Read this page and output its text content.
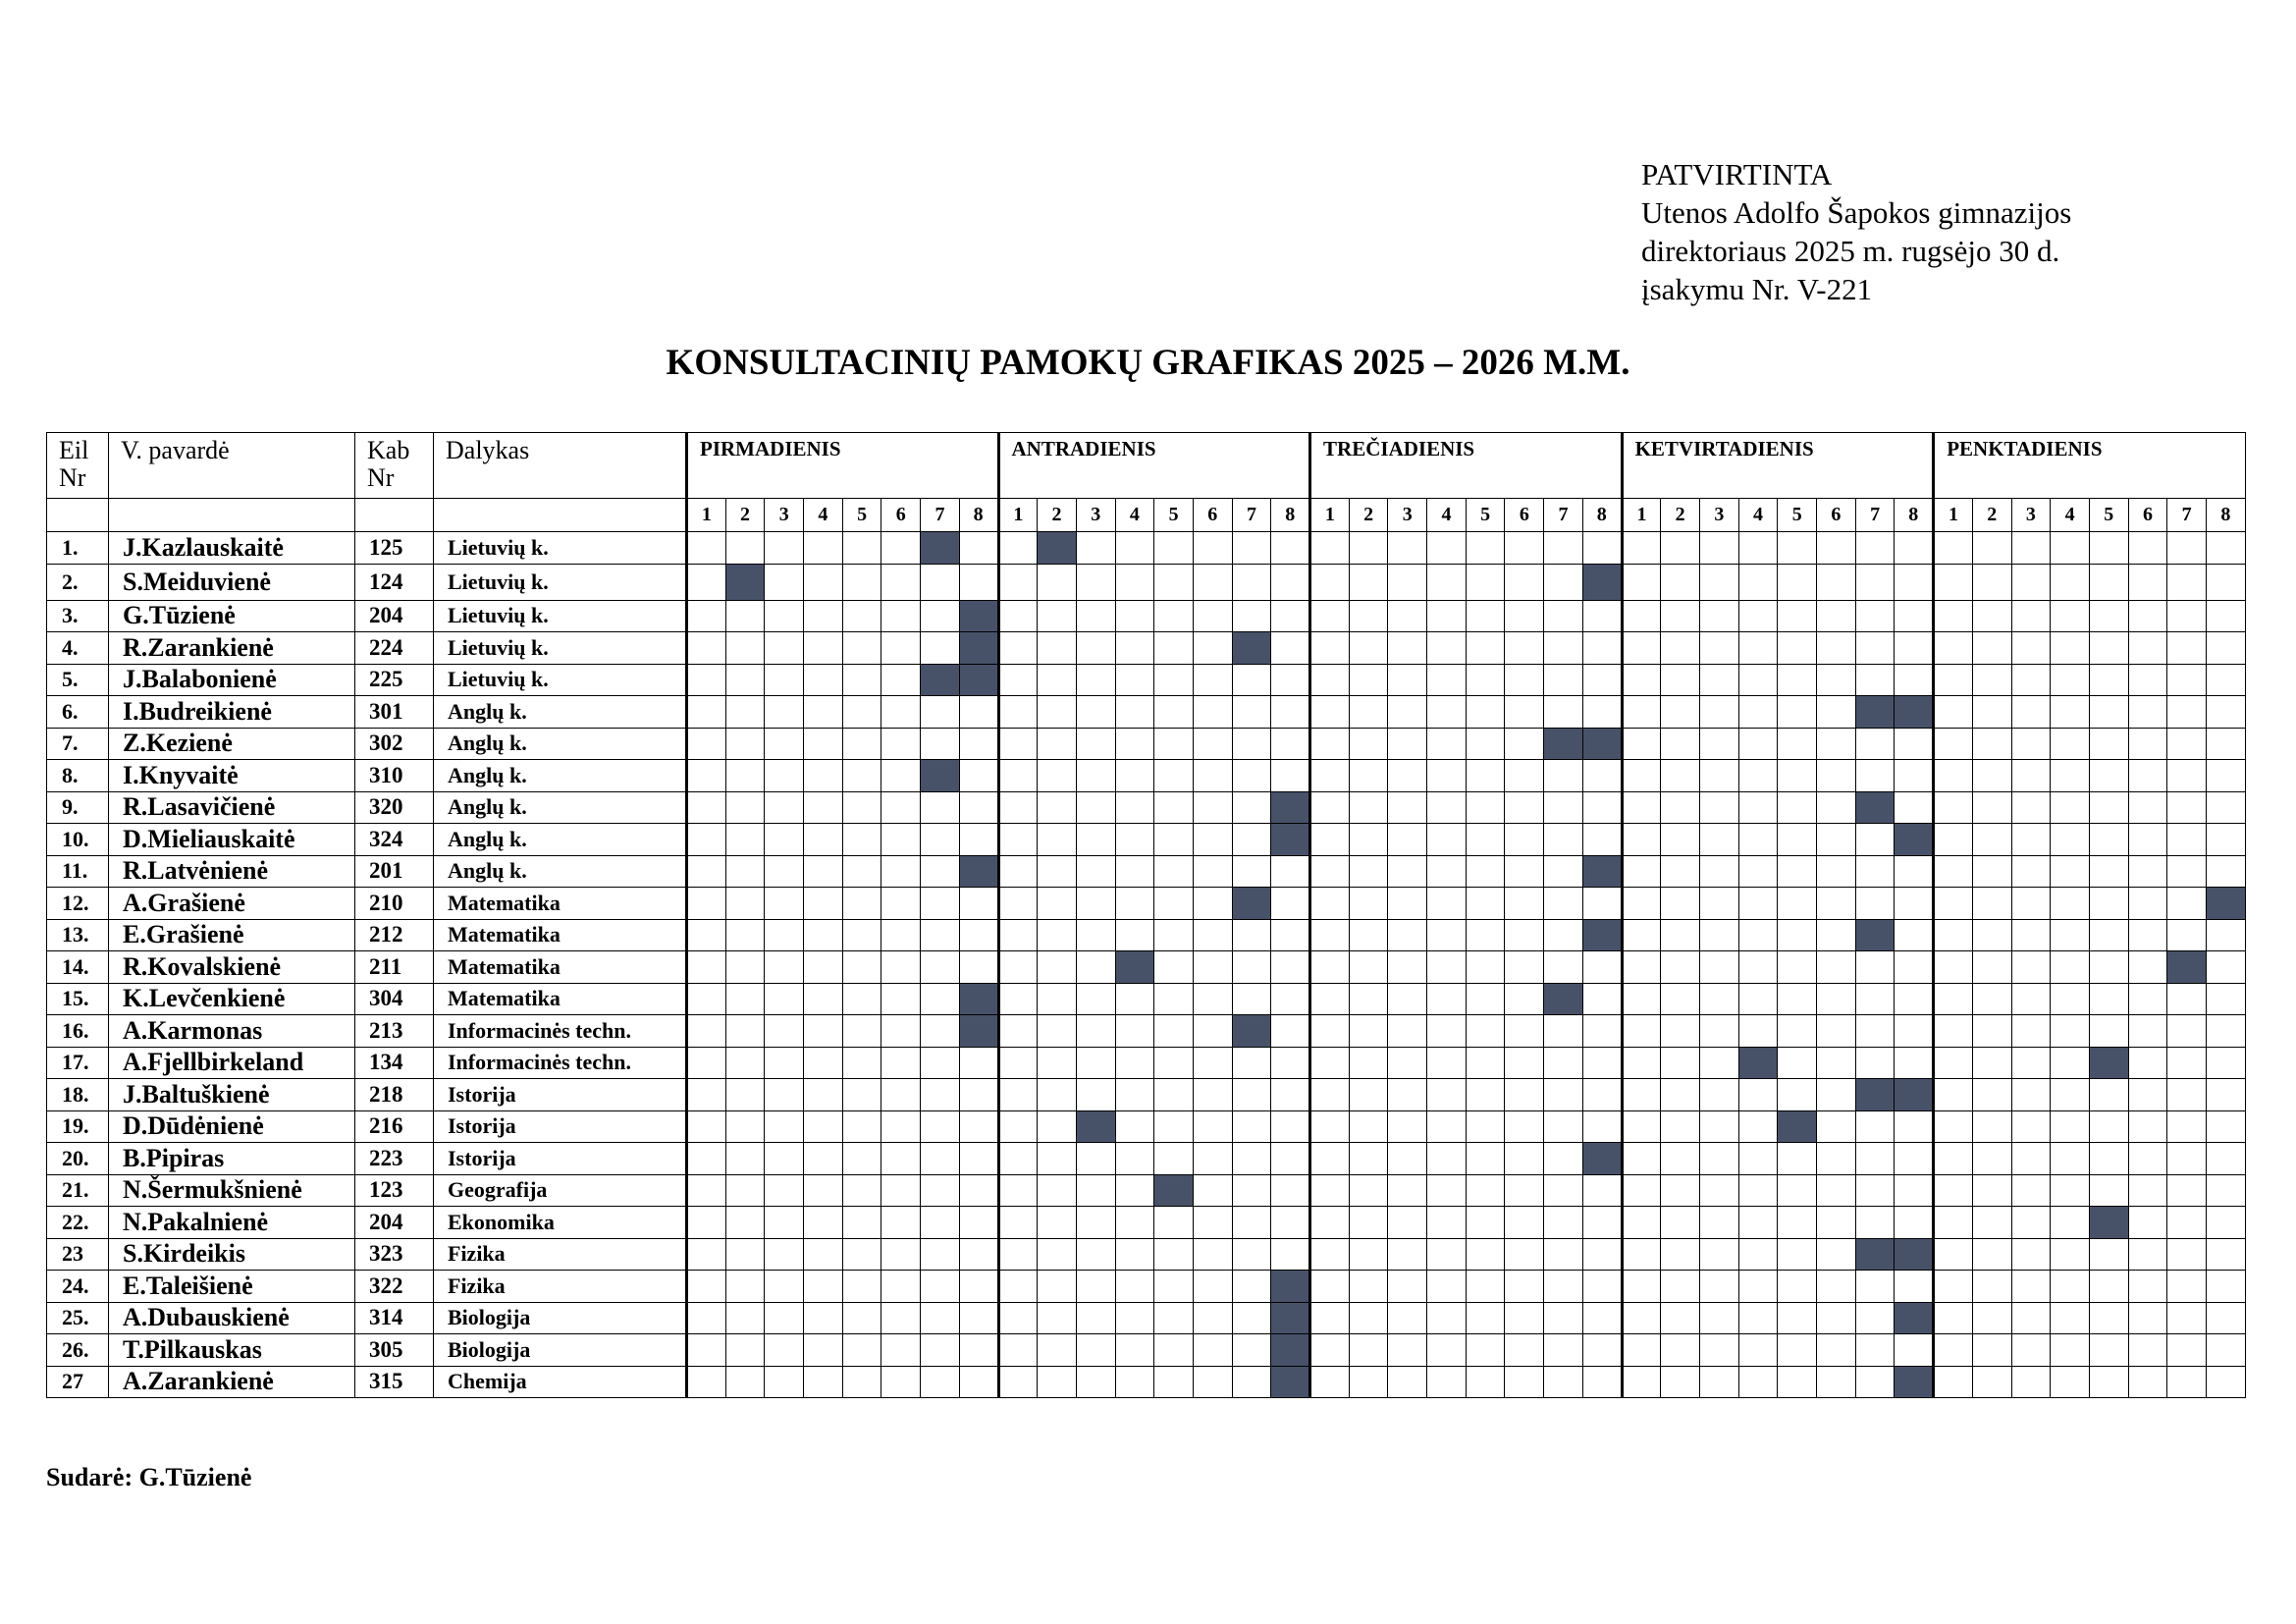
PATVIRTINTA
Utenos Adolfo Šapokos gimnazijos
direktoriaus 2025 m. rugsėjo 30 d.
įsakymu Nr. V-221
KONSULTACINIŲ PAMOKŲ GRAFIKAS 2025 – 2026 M.M.
Eil Nr	V. pavardė	Kab Nr	Dalykas	PIRMADIENIS								ANTRADIENIS								TREČIADIENIS								KETVIRTADIENIS								PENKTADIENIS							
				1	2	3	4	5	6	7	8	1	2	3	4	5	6	7	8	1	2	3	4	5	6	7	8	1	2	3	4	5	6	7	8	1	2	3	4	5	6	7	8
1.	J.Kazlauskaitė	125	Lietuvių k.																																								
2.	S.Meiduvienė	124	Lietuvių k.																																								
3.	G.Tūzienė	204	Lietuvių k.																																								
4.	R.Zarankienė	224	Lietuvių k.																																								
5.	J.Balabonienė	225	Lietuvių k.																																								
6.	I.Budreikienė	301	Anglų k.																																								
7.	Z.Kezienė	302	Anglų k.																																								
8.	I.Knyvaitė	310	Anglų k.																																								
9.	R.Lasavičienė	320	Anglų k.																																								
10.	D.Mieliauskaitė	324	Anglų k.																																								
11.	R.Latvėnienė	201	Anglų k.																																								
12.	A.Grašienė	210	Matematika																																								
13.	E.Grašienė	212	Matematika																																								
14.	R.Kovalskienė	211	Matematika																																								
15.	K.Levčenkienė	304	Matematika																																								
16.	A.Karmonas	213	Informacinės techn.																																								
17.	A.Fjellbirkeland	134	Informacinės techn.																																								
18.	J.Baltuškienė	218	Istorija																																								
19.	D.Dūdėnienė	216	Istorija																																								
20.	B.Pipiras	223	Istorija																																								
21.	N.Šermukšnienė	123	Geografija																																								
22.	N.Pakalnienė	204	Ekonomika																																								
23	S.Kirdeikis	323	Fizika																																								
24.	E.Taleišienė	322	Fizika																																								
25.	A.Dubauskienė	314	Biologija																																								
26.	T.Pilkauskas	305	Biologija																																								
27	A.Zarankienė	315	Chemija																																								
Sudarė: G.Tūzienė
